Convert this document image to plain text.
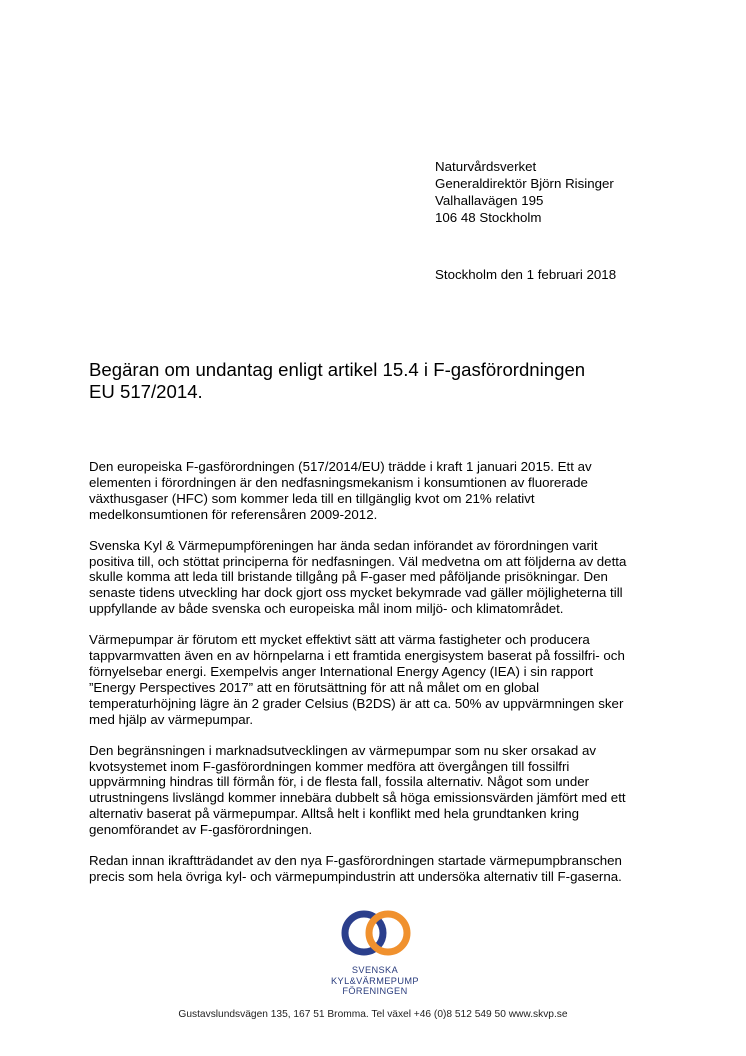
Naturvårdsverket
Generaldirektör Björn Risinger
Valhallavägen 195
106 48 Stockholm
Stockholm den 1 februari 2018
Begäran om undantag enligt artikel 15.4 i F-gasförordningen
EU 517/2014.

Den europeiska F-gasförordningen (517/2014/EU) trädde i kraft 1 januari 2015. Ett av
elementen i förordningen är den nedfasningsmekanism i konsumtionen av fluorerade
växthusgaser (HFC) som kommer leda till en tillgänglig kvot om 21% relativt
medelkonsumtionen för referensåren 2009-2012.

Svenska Kyl & Värmepumpföreningen har ända sedan införandet av förordningen varit
positiva till, och stöttat principerna för nedfasningen. Väl medvetna om att följderna av detta
skulle komma att leda till bristande tillgång på F-gaser med påföljande prisökningar. Den
senaste tidens utveckling har dock gjort oss mycket bekymrade vad gäller möjligheterna till
uppfyllande av både svenska och europeiska mål inom miljö- och klimatområdet.

Värmepumpar är förutom ett mycket effektivt sätt att värma fastigheter och producera
tappvarmvatten även en av hörnpelarna i ett framtida energisystem baserat på fossilfri- och
förnyelsebar energi. Exempelvis anger International Energy Agency (IEA) i sin rapport
”Energy Perspectives 2017” att en förutsättning för att nå målet om en global
temperaturhöjning lägre än 2 grader Celsius (B2DS) är att ca. 50% av uppvärmningen sker
med hjälp av värmepumpar.

Den begränsningen i marknadsutvecklingen av värmepumpar som nu sker orsakad av
kvotsystemet inom F-gasförordningen kommer medföra att övergången till fossilfri
uppvärmning hindras till förmån för, i de flesta fall, fossila alternativ. Något som under
utrustningens livslängd kommer innebära dubbelt så höga emissionsvärden jämfört med ett
alternativ baserat på värmepumpar. Alltså helt i konflikt med hela grundtanken kring
genomförandet av F-gasförordningen.

Redan innan ikraftträdandet av den nya F-gasförordningen startade värmepumpbranschen
precis som hela övriga kyl- och värmepumpindustrin att undersöka alternativ till F-gaserna.

SVENSKA
KYL&VÄRMEPUMP
FÖRENINGEN
Gustavslundsvägen 135, 167 51 Bromma. Tel växel +46 (0)8 512 549 50 www.skvp.se
